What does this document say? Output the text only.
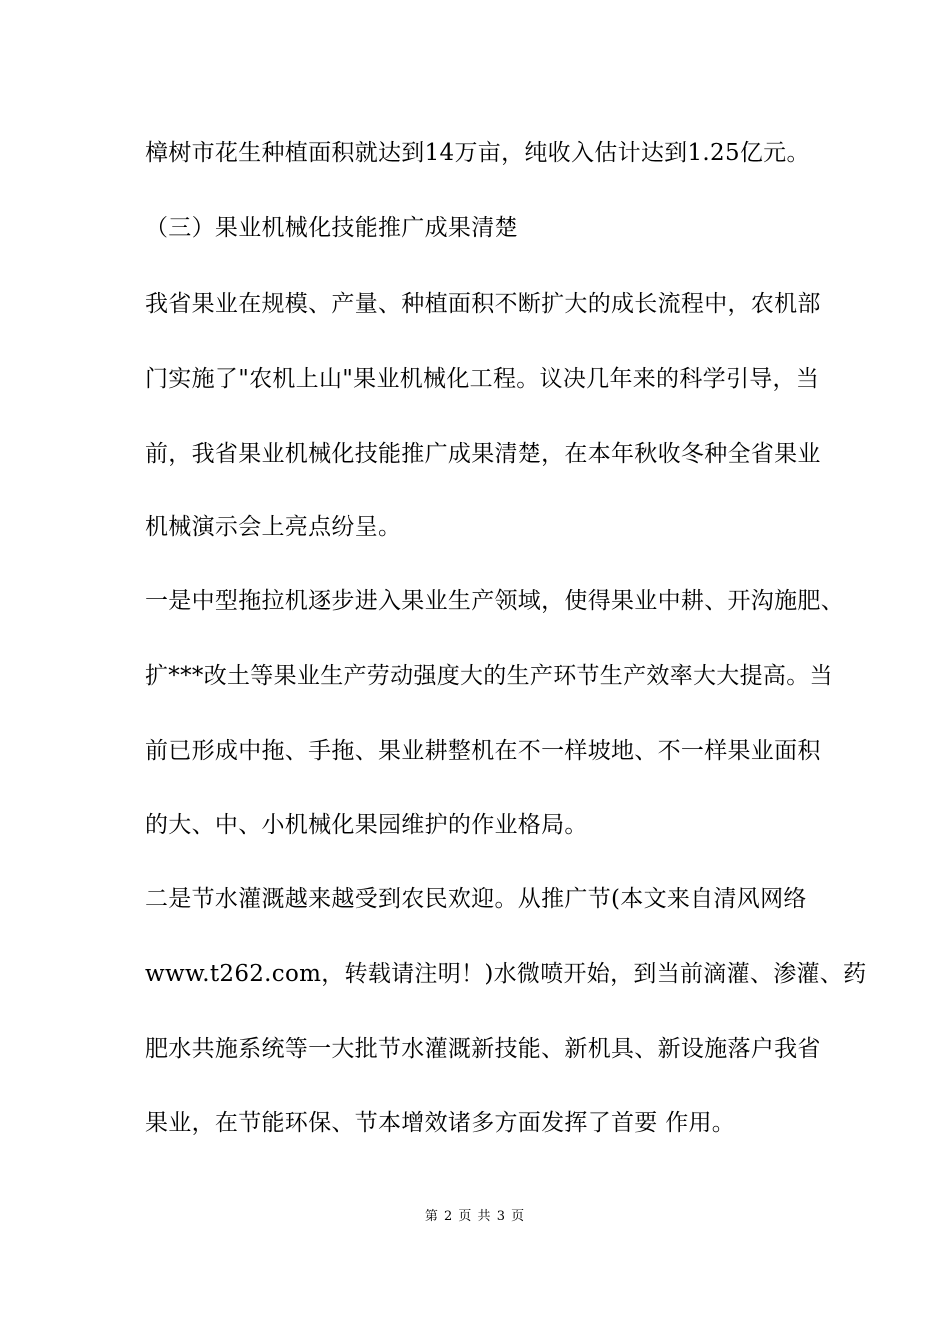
樟树市花生种植面积就达到14万亩，纯收入估计达到1.25亿元。
（三）果业机械化技能推广成果清楚
我省果业在规模、产量、种植面积不断扩大的成长流程中，农机部
门实施了"农机上山"果业机械化工程。议决几年来的科学引导，当
前，我省果业机械化技能推广成果清楚，在本年秋收冬种全省果业
机械演示会上亮点纷呈。
一是中型拖拉机逐步进入果业生产领域，使得果业中耕、开沟施肥、
扩***改土等果业生产劳动强度大的生产环节生产效率大大提高。当
前已形成中拖、手拖、果业耕整机在不一样坡地、不一样果业面积
的大、中、小机械化果园维护的作业格局。
二是节水灌溉越来越受到农民欢迎。从推广节(本文来自清风网络
www.t262.com，转载请注明！)水微喷开始，到当前滴灌、渗灌、药
肥水共施系统等一大批节水灌溉新技能、新机具、新设施落户我省
果业，在节能环保、节本增效诸多方面发挥了首要 作用。
第 2 页 共 3 页
